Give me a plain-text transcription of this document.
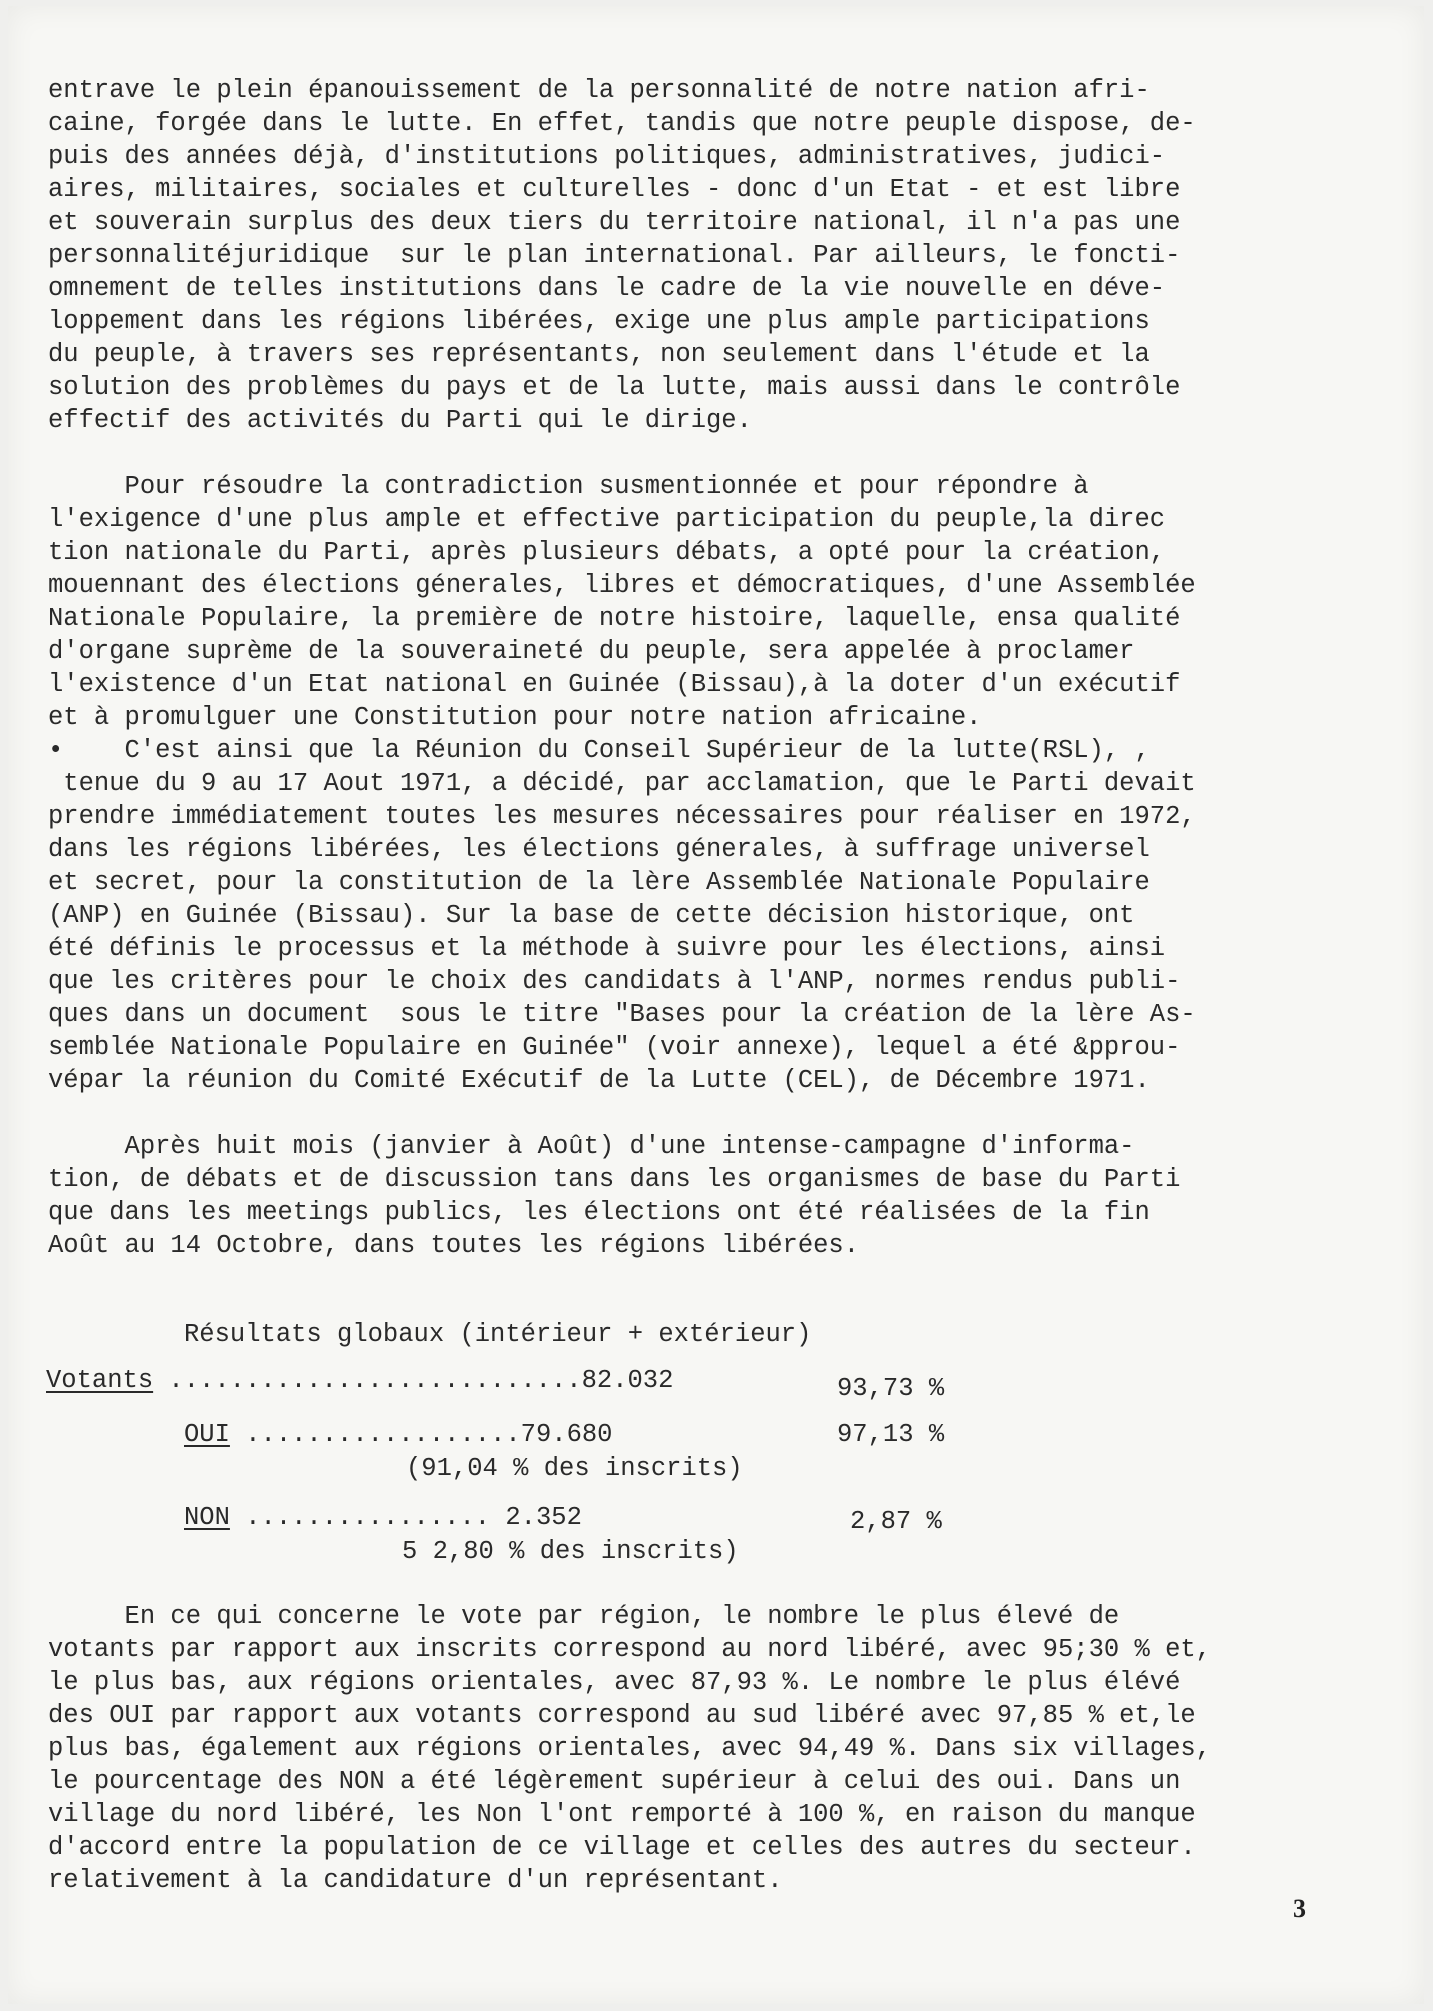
entrave le plein épanouissement de la personnalité de notre nation afri-
caine, forgée dans le lutte. En effet, tandis que notre peuple dispose, de-
puis des années déjà, d'institutions politiques, administratives, judici-
aires, militaires, sociales et culturelles - donc d'un Etat - et est libre
et souverain surplus des deux tiers du territoire national, il n'a pas une
personnalitéjuridique  sur le plan international. Par ailleurs, le foncti-
omnement de telles institutions dans le cadre de la vie nouvelle en déve-
loppement dans les régions libérées, exige une plus ample participations
du peuple, à travers ses représentants, non seulement dans l'étude et la
solution des problèmes du pays et de la lutte, mais aussi dans le contrôle
effectif des activités du Parti qui le dirige.

Pour résoudre la contradiction susmentionnée et pour répondre à
l'exigence d'une plus ample et effective participation du peuple,la direc
tion nationale du Parti, après plusieurs débats, a opté pour la création,
mouennant des élections génerales, libres et démocratiques, d'une Assemblée
Nationale Populaire, la première de notre histoire, laquelle, ensa qualité
d'organe suprème de la souveraineté du peuple, sera appelée à proclamer
l'existence d'un Etat national en Guinée (Bissau),à la doter d'un exécutif
et à promulguer une Constitution pour notre nation africaine.

•    C'est ainsi que la Réunion du Conseil Supérieur de la lutte(RSL), ,
tenue du 9 au 17 Aout 1971, a décidé, par acclamation, que le Parti devait
prendre immédiatement toutes les mesures nécessaires pour réaliser en 1972,
dans les régions libérées, les élections génerales, à suffrage universel
et secret, pour la constitution de la lère Assemblée Nationale Populaire
(ANP) en Guinée (Bissau). Sur la base de cette décision historique, ont
été définis le processus et la méthode à suivre pour les élections, ainsi
que les critères pour le choix des candidats à l'ANP, normes rendus publi-
ques dans un document  sous le titre "Bases pour la création de la lère As-
semblée Nationale Populaire en Guinée" (voir annexe), lequel a été &pprou-
vépar la réunion du Comité Exécutif de la Lutte (CEL), de Décembre 1971.

Après huit mois (janvier à Août) d'une intense-campagne d'informa-
tion, de débats et de discussion tans dans les organismes de base du Parti
que dans les meetings publics, les élections ont été réalisées de la fin
Août au 14 Octobre, dans toutes les régions libérées.

Résultats globaux (intérieur + extérieur)
Votants ...........................82.032	93,73 %
OUI ..................79.680	97,13 %
(91,04 % des inscrits)
NON ................ 2.352	2,87 %
5 2,80 % des inscrits)

En ce qui concerne le vote par région, le nombre le plus élevé de
votants par rapport aux inscrits correspond au nord libéré, avec 95;30 % et,
le plus bas, aux régions orientales, avec 87,93 %. Le nombre le plus élévé
des OUI par rapport aux votants correspond au sud libéré avec 97,85 % et,le
plus bas, également aux régions orientales, avec 94,49 %. Dans six villages,
le pourcentage des NON a été légèrement supérieur à celui des oui. Dans un
village du nord libéré, les Non l'ont remporté à 100 %, en raison du manque
d'accord entre la population de ce village et celles des autres du secteur.
relativement à la candidature d'un représentant.

3
